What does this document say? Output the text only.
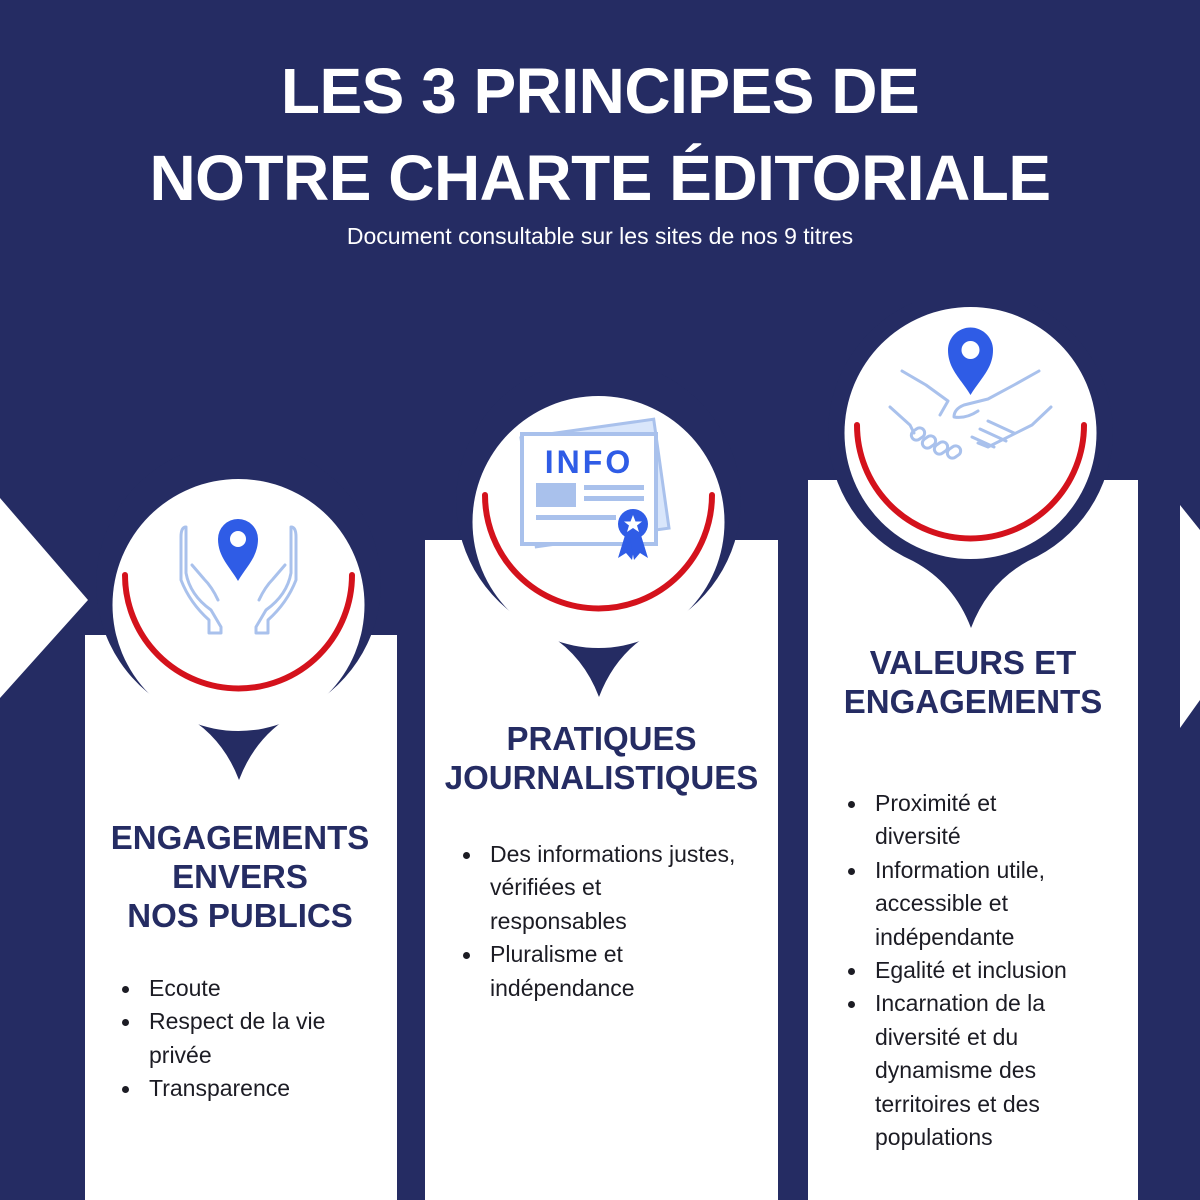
LES 3 PRINCIPES DE
NOTRE CHARTE ÉDITORIALE
Document consultable sur les sites de nos 9 titres
INFO
ENGAGEMENTS
ENVERS
NOS PUBLICS
PRATIQUES
JOURNALISTIQUES
VALEURS ET
ENGAGEMENTS
Ecoute
Respect de la vie
privée
Transparence
Des informations justes,
vérifiées et
responsables
Pluralisme et
indépendance
Proximité et
diversité
Information utile,
accessible et
indépendante
Egalité et inclusion
Incarnation de la
diversité et du
dynamisme des
territoires et des
populations
